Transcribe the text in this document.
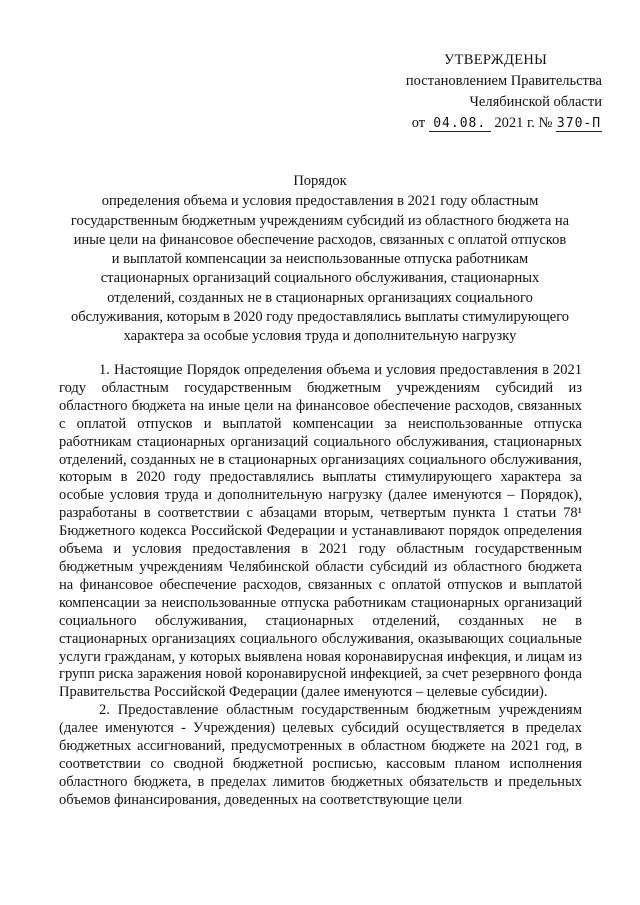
УТВЕРЖДЕНЫ
постановлением Правительства
Челябинской области
от 04.08. 2021 г. № 370-П
Порядок
определения объема и условия предоставления в 2021 году областным
государственным бюджетным учреждениям субсидий из областного бюджета на
иные цели на финансовое обеспечение расходов, связанных с оплатой отпусков
и выплатой компенсации за неиспользованные отпуска работникам
стационарных организаций социального обслуживания, стационарных
отделений, созданных не в стационарных организациях социального
обслуживания, которым в 2020 году предоставлялись выплаты стимулирующего
характера за особые условия труда и дополнительную нагрузку

1. Настоящие Порядок определения объема и условия предоставления в 2021 году областным государственным бюджетным учреждениям субсидий из областного бюджета на иные цели на финансовое обеспечение расходов, связанных с оплатой отпусков и выплатой компенсации за неиспользованные отпуска работникам стационарных организаций социального обслуживания, стационарных отделений, созданных не в стационарных организациях социального обслуживания, которым в 2020 году предоставлялись выплаты стимулирующего характера за особые условия труда и дополнительную нагрузку (далее именуются – Порядок), разработаны в соответствии с абзацами вторым, четвертым пункта 1 статьи 78¹ Бюджетного кодекса Российской Федерации и устанавливают порядок определения объема и условия предоставления в 2021 году областным государственным бюджетным учреждениям Челябинской области субсидий из областного бюджета на финансовое обеспечение расходов, связанных с оплатой отпусков и выплатой компенсации за неиспользованные отпуска работникам стационарных организаций социального обслуживания, стационарных отделений, созданных не в стационарных организациях социального обслуживания, оказывающих социальные услуги гражданам, у которых выявлена новая коронавирусная инфекция, и лицам из групп риска заражения новой коронавирусной инфекцией, за счет резервного фонда Правительства Российской Федерации (далее именуются – целевые субсидии).

2. Предоставление областным государственным бюджетным учреждениям (далее именуются - Учреждения) целевых субсидий осуществляется в пределах бюджетных ассигнований, предусмотренных в областном бюджете на 2021 год, в соответствии со сводной бюджетной росписью, кассовым планом исполнения областного бюджета, в пределах лимитов бюджетных обязательств и предельных объемов финансирования, доведенных на соответствующие цели
